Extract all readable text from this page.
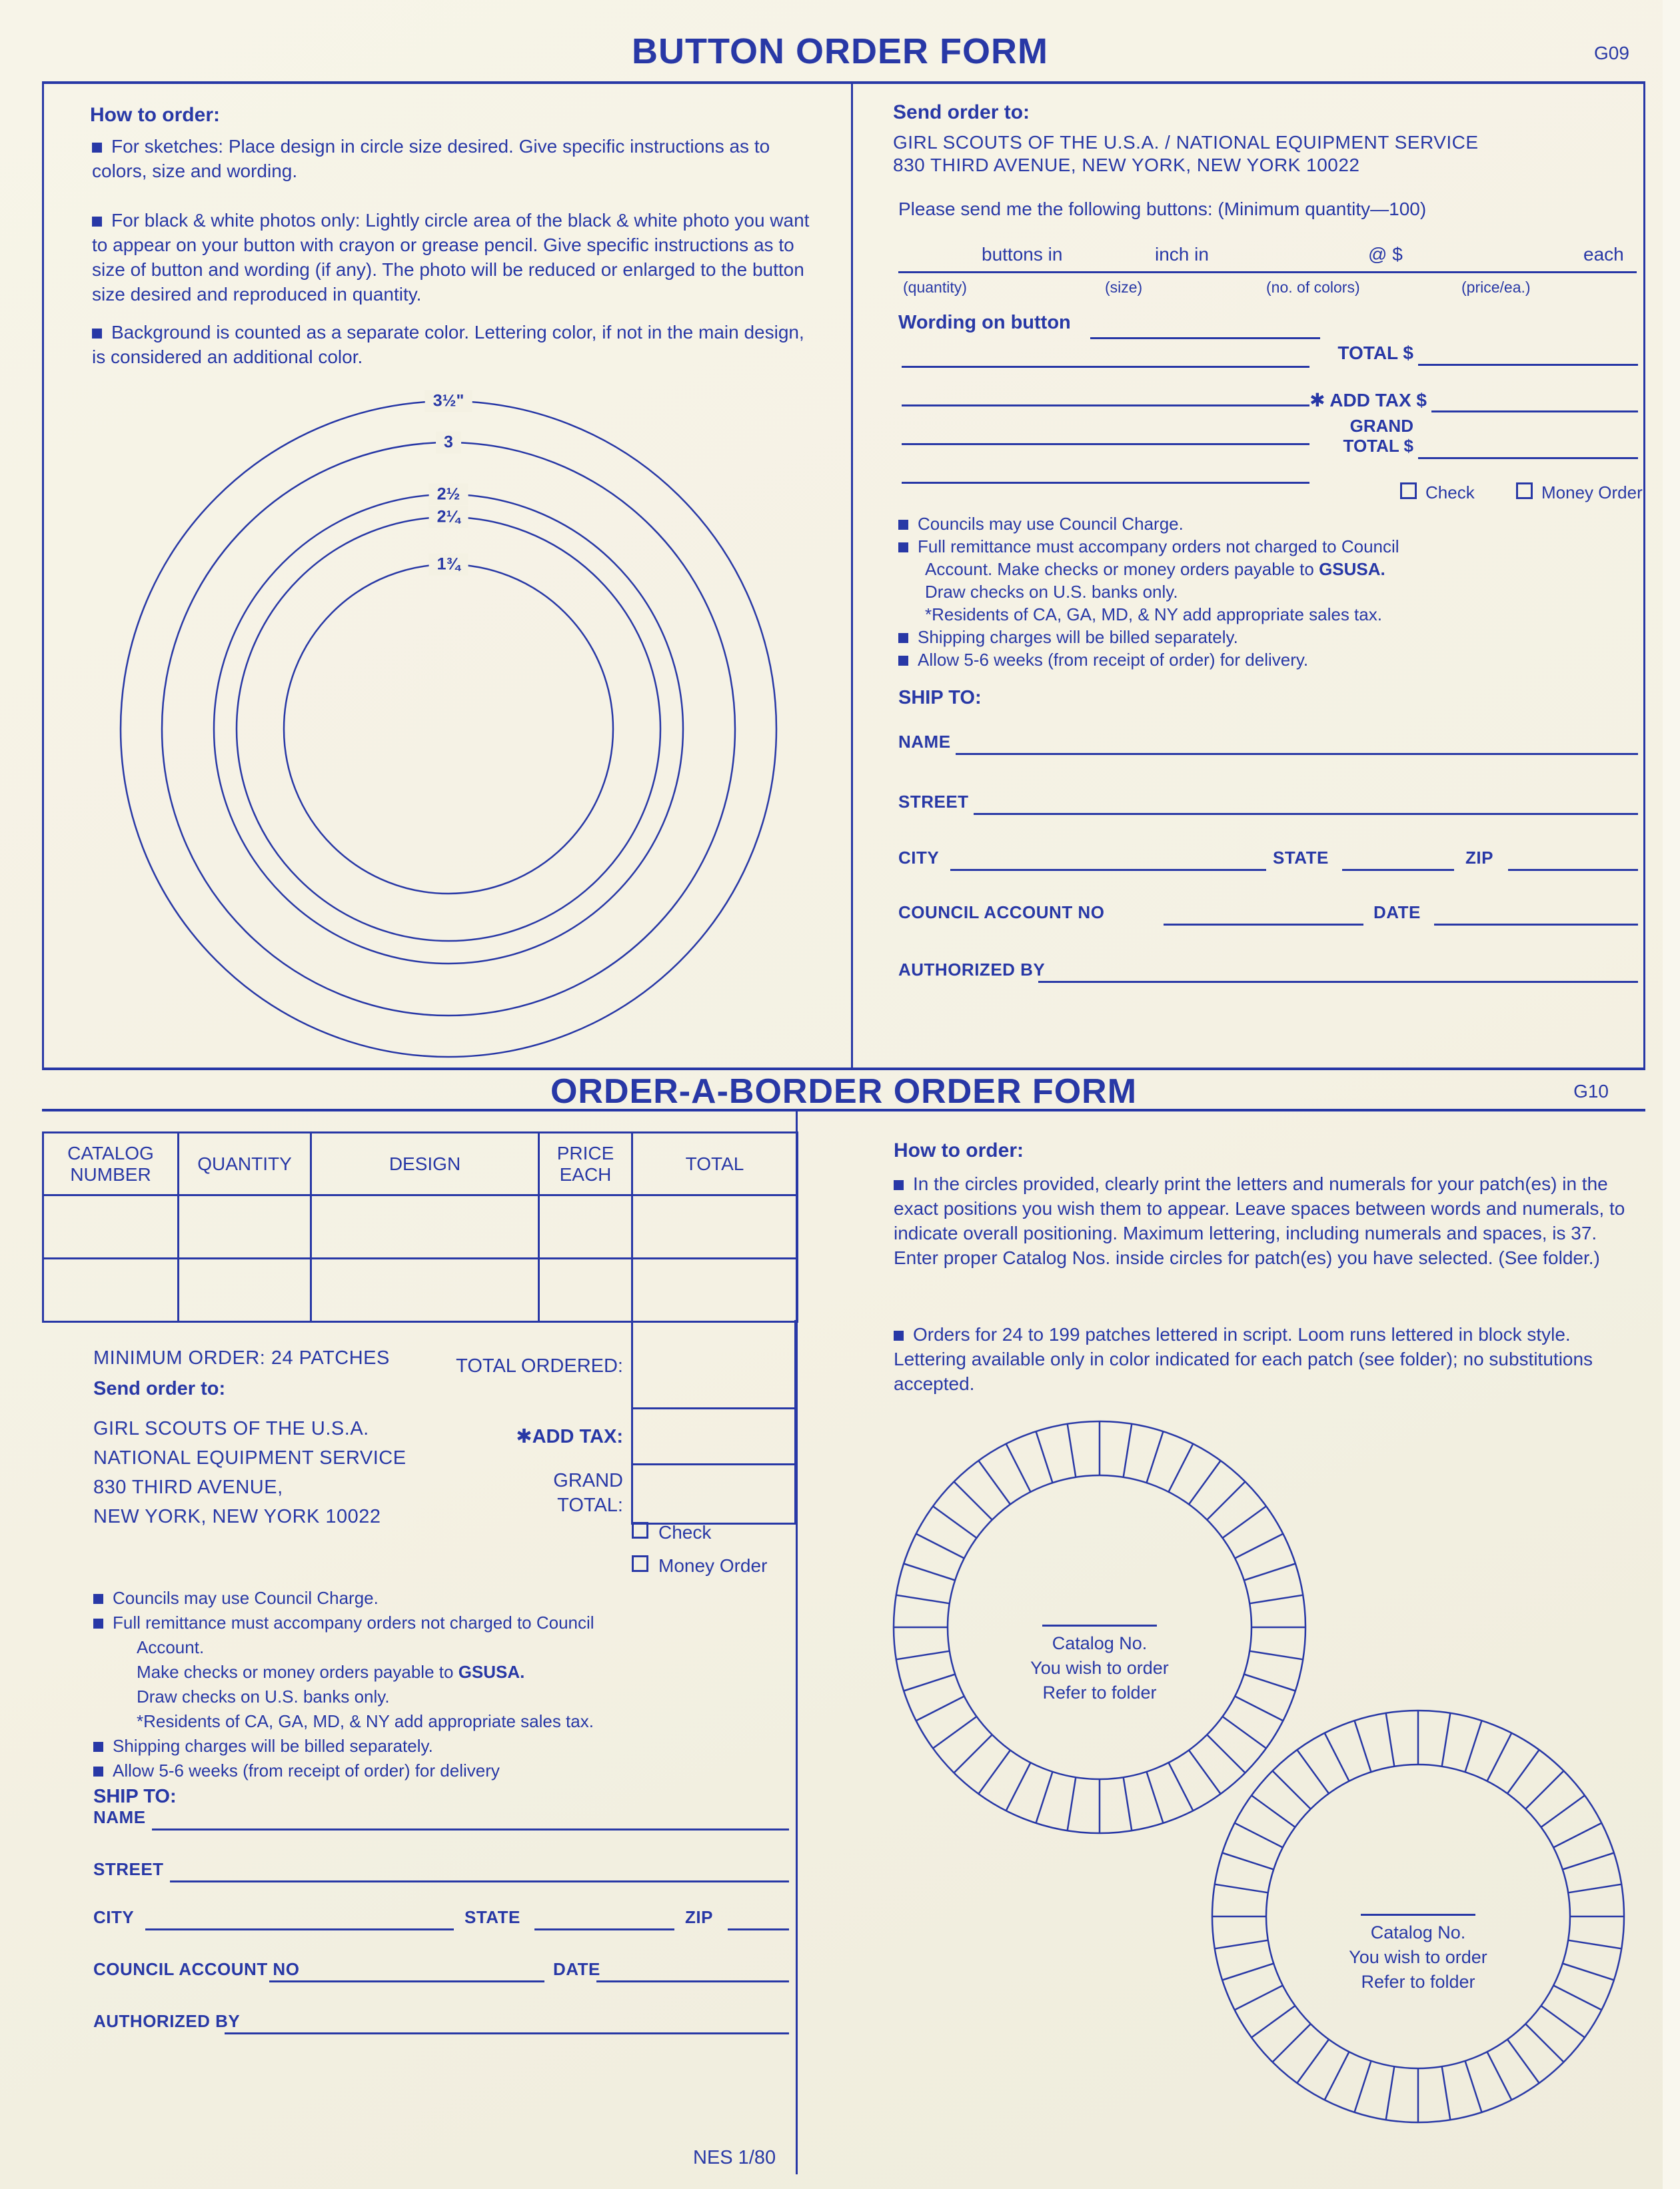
BUTTON ORDER FORM	G09
How to order:
For sketches: Place design in circle size desired. Give specific instructions as to colors, size and wording.
For black & white photos only: Lightly circle area of the black & white photo you want to appear on your button with crayon or grease pencil. Give specific instructions as to size of button and wording (if any). The photo will be reduced or enlarged to the button size desired and reproduced in quantity.
Background is counted as a separate color. Lettering color, if not in the main design, is considered an additional color.
3½"
3
2½
2¼
1¾
Send order to:
GIRL SCOUTS OF THE U.S.A. / NATIONAL EQUIPMENT SERVICE
830 THIRD AVENUE, NEW YORK, NEW YORK 10022
Please send me the following buttons: (Minimum quantity—100)
buttons in	inch in	@ $	each
(quantity)	(size)	(no. of colors)	(price/ea.)
Wording on button
TOTAL $
✱ ADD TAX $
GRAND
TOTAL $
Check	Money Order
Councils may use Council Charge.
Full remittance must accompany orders not charged to Council
Account. Make checks or money orders payable to GSUSA.
Draw checks on U.S. banks only.
*Residents of CA, GA, MD, & NY add appropriate sales tax.
Shipping charges will be billed separately.
Allow 5-6 weeks (from receipt of order) for delivery.
SHIP TO:
NAME
STREET
CITY	STATE	ZIP
COUNCIL ACCOUNT NO	DATE
AUTHORIZED BY
ORDER-A-BORDER ORDER FORM	G10
CATALOG NUMBER	QUANTITY	DESIGN	PRICE EACH	TOTAL

TOTAL ORDERED:
✱ADD TAX:
GRAND
TOTAL:
MINIMUM ORDER: 24 PATCHES
Send order to:
GIRL SCOUTS OF THE U.S.A.
NATIONAL EQUIPMENT SERVICE
830 THIRD AVENUE,
NEW YORK, NEW YORK 10022
Check
Money Order
Councils may use Council Charge.
Full remittance must accompany orders not charged to Council
Account.
Make checks or money orders payable to GSUSA.
Draw checks on U.S. banks only.
*Residents of CA, GA, MD, & NY add appropriate sales tax.
Shipping charges will be billed separately.
Allow 5-6 weeks (from receipt of order) for delivery
SHIP TO:
NAME
STREET
CITY	STATE	ZIP
COUNCIL ACCOUNT NO	DATE
AUTHORIZED BY
NES 1/80
How to order:
In the circles provided, clearly print the letters and numerals for your patch(es) in the exact positions you wish them to appear. Leave spaces between words and numerals, to indicate overall positioning. Maximum lettering, including numerals and spaces, is 37. Enter proper Catalog Nos. inside circles for patch(es) you have selected. (See folder.)
Orders for 24 to 199 patches lettered in script. Loom runs lettered in block style. Lettering available only in color indicated for each patch (see folder); no substitutions accepted.
Catalog No.
You wish to order
Refer to folder
Catalog No.
You wish to order
Refer to folder
